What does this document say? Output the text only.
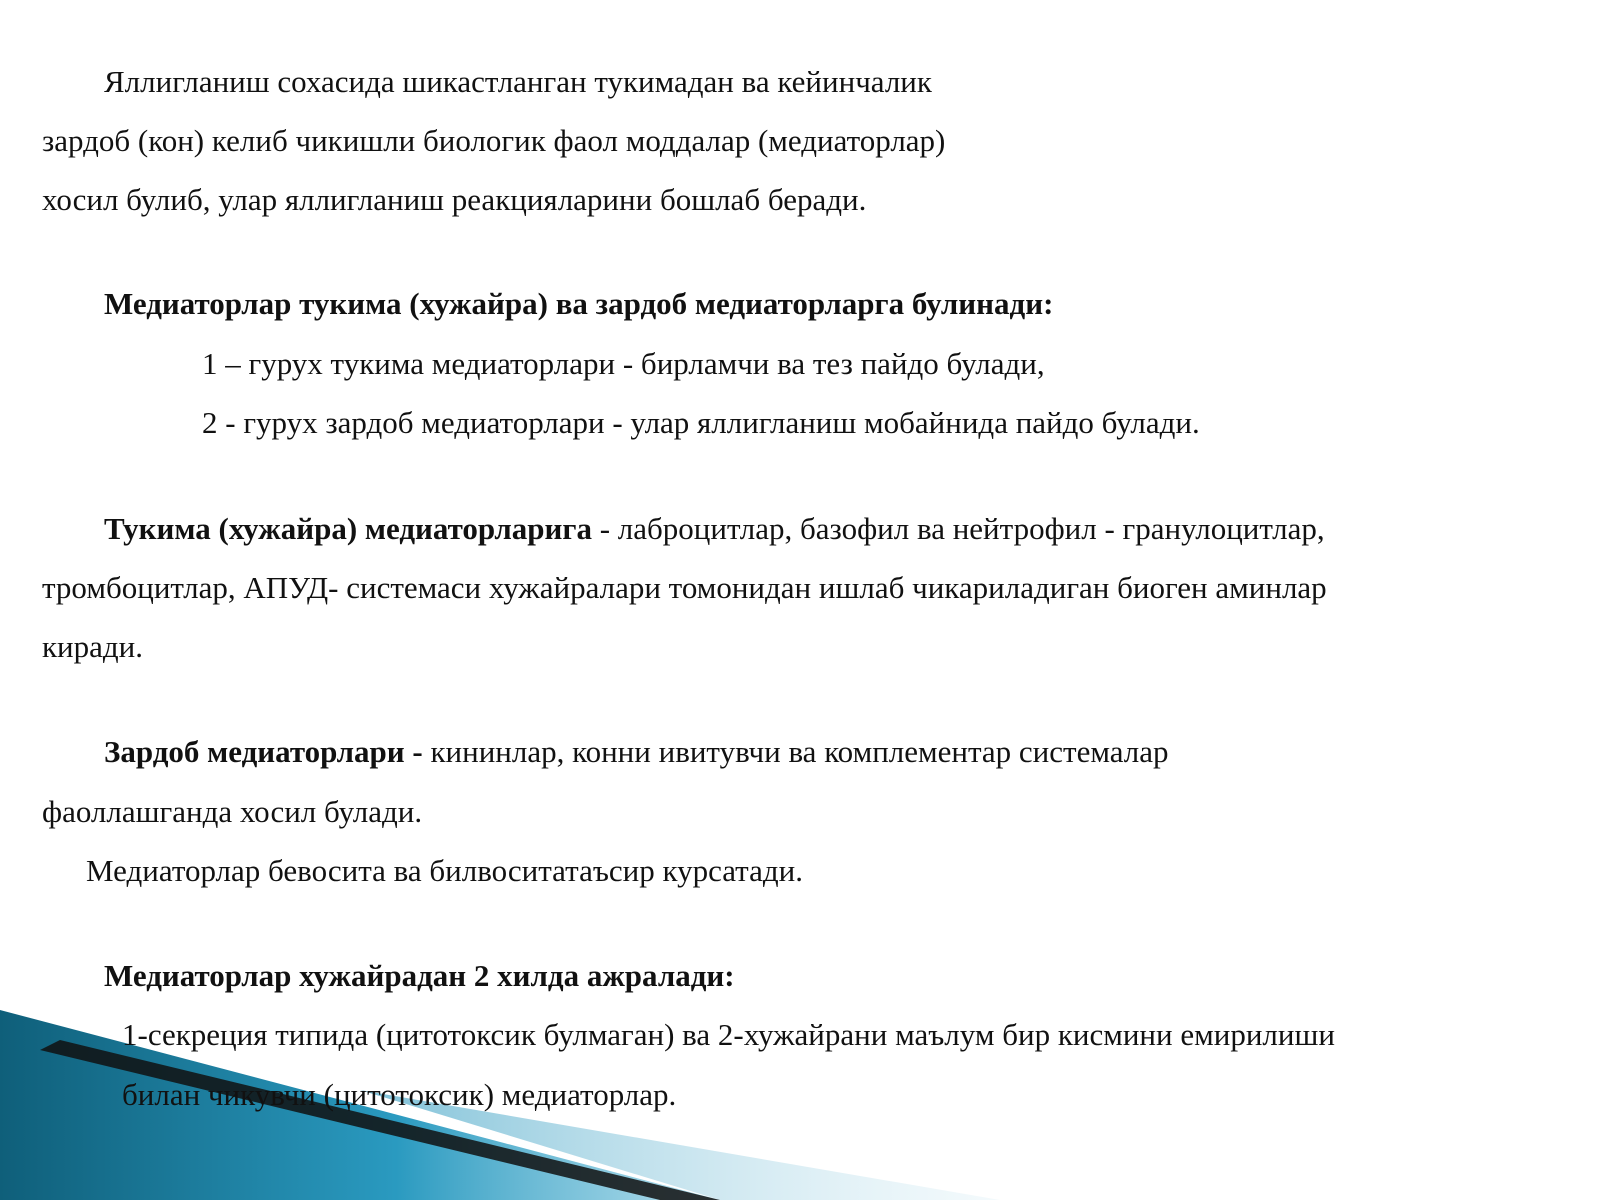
Яллигланиш сохасида шикастланган тукимадан ва кейинчалик
зардоб (кон) келиб чикишли биологик фаол моддалар (медиаторлар)
хосил булиб, улар яллигланиш реакцияларини бошлаб беради.
Медиаторлар тукима (хужайра) ва зардоб медиаторларга булинади:
1 – гурух тукима медиаторлари - бирламчи ва тез пайдо булади,
2 - гурух зардоб медиаторлари - улар яллигланиш мобайнида пайдо булади.
Тукима (хужайра) медиаторларига - лаброцитлар, базофил ва нейтрофил - гранулоцитлар,
тромбоцитлар, АПУД- системаси хужайралари томонидан ишлаб чикариладиган биоген аминлар
киради.
Зардоб медиаторлари - кининлар, конни ивитувчи ва комплементар системалар
фаоллашганда хосил булади.
Медиаторлар бевосита ва билвоситатаъсир курсатади.
Медиаторлар хужайрадан 2 хилда ажралади:
1-секреция типида (цитотоксик булмаган) ва 2-хужайрани маълум бир кисмини емирилиши
билан чикувчи (цитотоксик) медиаторлар.
